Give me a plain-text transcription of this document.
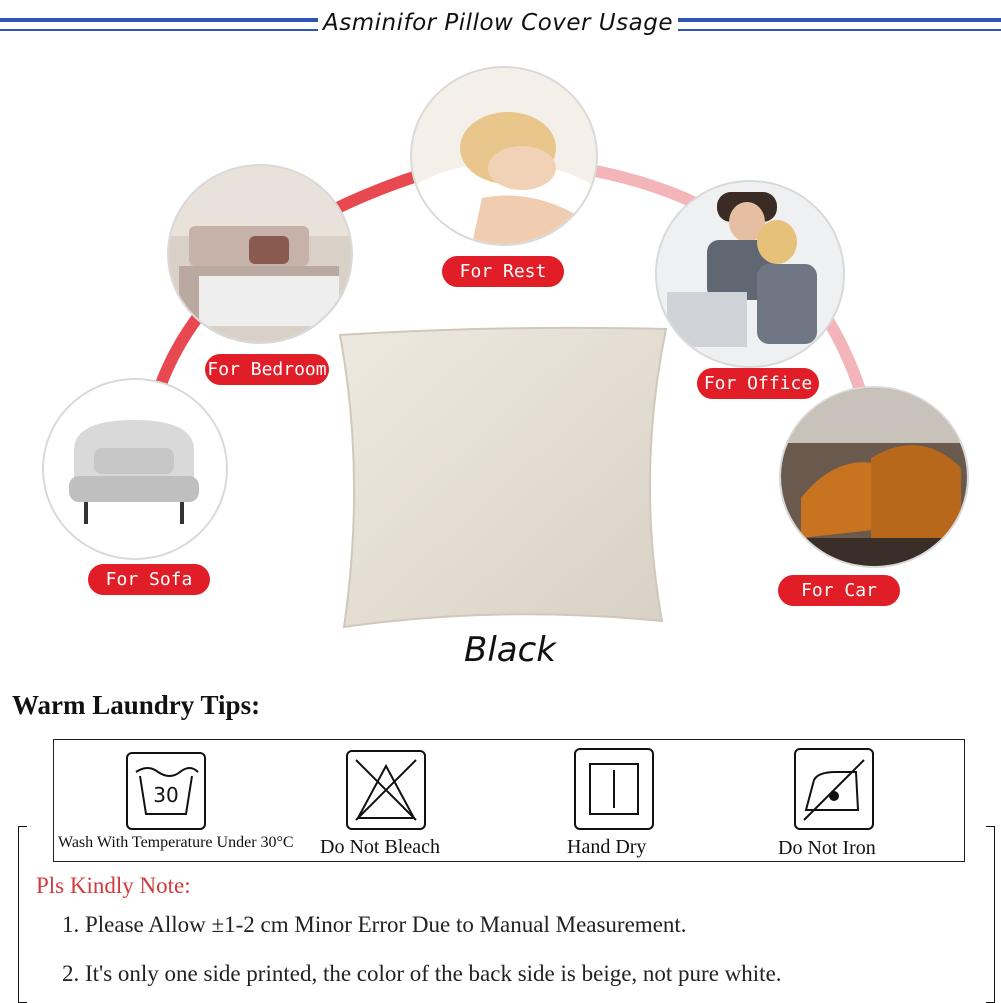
Asminifor Pillow Cover Usage
For Rest
For Bedroom
For Office
For Sofa
For Car
Black
Warm Laundry Tips:
30
Wash With Temperature Under 30°C Do Not Bleach	Hand Dry	Do Not Iron
Pls Kindly Note:
1. Please Allow ±1-2 cm Minor Error Due to Manual Measurement.
2. It's only one side printed, the color of the back side is beige, not pure white.
